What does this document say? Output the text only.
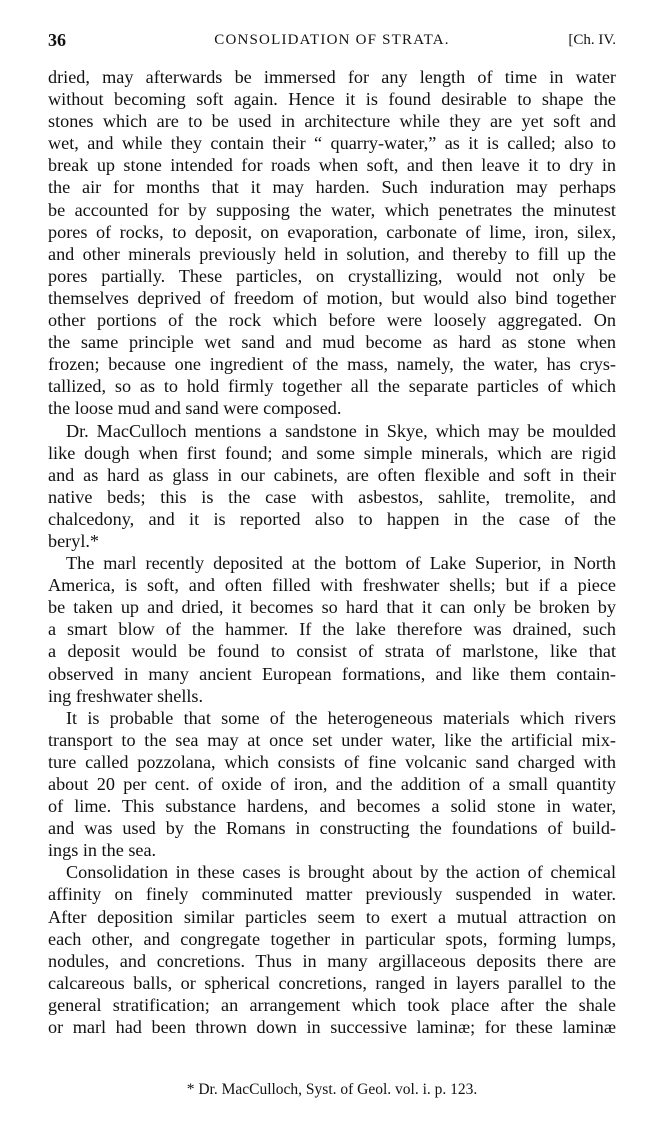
36	CONSOLIDATION OF STRATA.	[Ch. IV.
dried, may afterwards be immersed for any length of time in water
without becoming soft again. Hence it is found desirable to shape the
stones which are to be used in architecture while they are yet soft and
wet, and while they contain their “ quarry-water,” as it is called; also to
break up stone intended for roads when soft, and then leave it to dry in
the air for months that it may harden. Such induration may perhaps
be accounted for by supposing the water, which penetrates the minutest
pores of rocks, to deposit, on evaporation, carbonate of lime, iron, silex,
and other minerals previously held in solution, and thereby to fill up the
pores partially. These particles, on crystallizing, would not only be
themselves deprived of freedom of motion, but would also bind together
other portions of the rock which before were loosely aggregated. On
the same principle wet sand and mud become as hard as stone when
frozen; because one ingredient of the mass, namely, the water, has crys-
tallized, so as to hold firmly together all the separate particles of which
the loose mud and sand were composed.
Dr. MacCulloch mentions a sandstone in Skye, which may be moulded
like dough when first found; and some simple minerals, which are rigid
and as hard as glass in our cabinets, are often flexible and soft in their
native beds; this is the case with asbestos, sahlite, tremolite, and
chalcedony, and it is reported also to happen in the case of the
beryl.*
The marl recently deposited at the bottom of Lake Superior, in North
America, is soft, and often filled with freshwater shells; but if a piece
be taken up and dried, it becomes so hard that it can only be broken by
a smart blow of the hammer. If the lake therefore was drained, such
a deposit would be found to consist of strata of marlstone, like that
observed in many ancient European formations, and like them contain-
ing freshwater shells.
It is probable that some of the heterogeneous materials which rivers
transport to the sea may at once set under water, like the artificial mix-
ture called pozzolana, which consists of fine volcanic sand charged with
about 20 per cent. of oxide of iron, and the addition of a small quantity
of lime. This substance hardens, and becomes a solid stone in water,
and was used by the Romans in constructing the foundations of build-
ings in the sea.
Consolidation in these cases is brought about by the action of chemical
affinity on finely comminuted matter previously suspended in water.
After deposition similar particles seem to exert a mutual attraction on
each other, and congregate together in particular spots, forming lumps,
nodules, and concretions. Thus in many argillaceous deposits there are
calcareous balls, or spherical concretions, ranged in layers parallel to the
general stratification; an arrangement which took place after the shale
or marl had been thrown down in successive laminæ; for these laminæ
* Dr. MacCulloch, Syst. of Geol. vol. i. p. 123.
